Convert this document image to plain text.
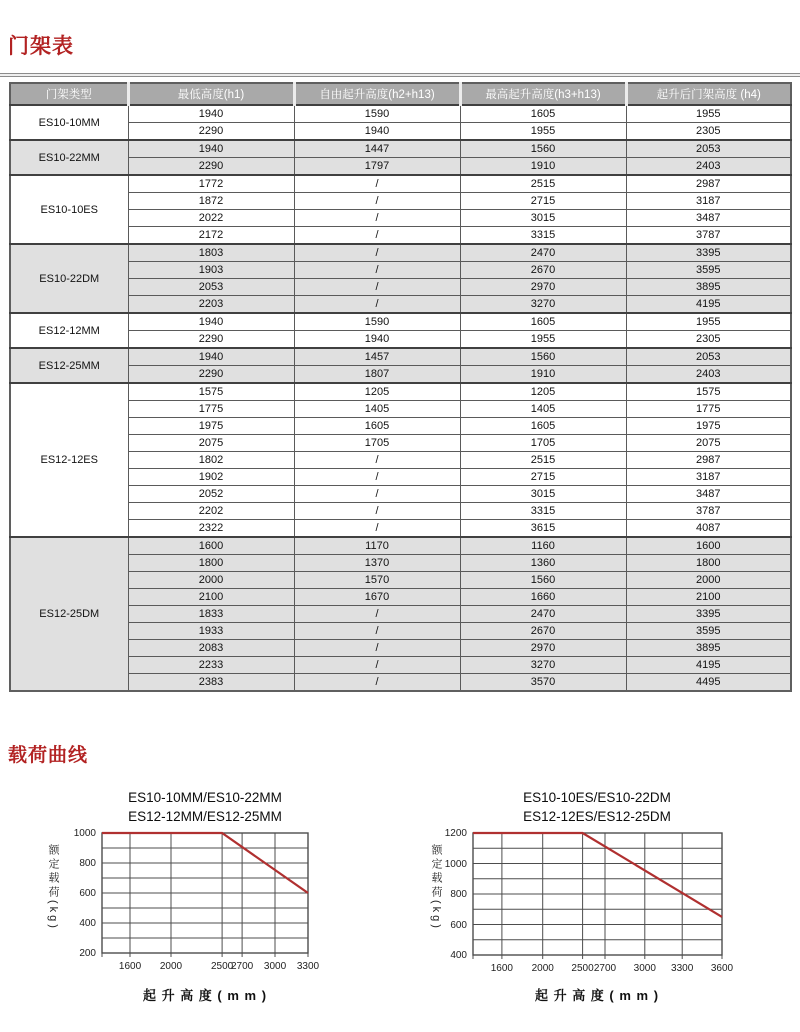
门架表
门架类型	最低高度(h1)	自由起升高度(h2+h13)	最高起升高度(h3+h13)	起升后门架高度 (h4)
ES10-10MM	1940	1590	1605	1955
	2290	1940	1955	2305
ES10-22MM	1940	1447	1560	2053
	2290	1797	1910	2403
ES10-10ES	1772	/	2515	2987
	1872	/	2715	3187
	2022	/	3015	3487
	2172	/	3315	3787
ES10-22DM	1803	/	2470	3395
	1903	/	2670	3595
	2053	/	2970	3895
	2203	/	3270	4195
ES12-12MM	1940	1590	1605	1955
	2290	1940	1955	2305
ES12-25MM	1940	1457	1560	2053
	2290	1807	1910	2403
ES12-12ES	1575	1205	1205	1575
	1775	1405	1405	1775
	1975	1605	1605	1975
	2075	1705	1705	2075
	1802	/	2515	2987
	1902	/	2715	3187
	2052	/	3015	3487
	2202	/	3315	3787
	2322	/	3615	4087
ES12-25DM	1600	1170	1160	1600
	1800	1370	1360	1800
	2000	1570	1560	2000
	2100	1670	1660	2100
	1833	/	2470	3395
	1933	/	2670	3595
	2083	/	2970	3895
	2233	/	3270	4195
	2383	/	3570	4495
载荷曲线
ES10-10MM/ES10-22MM
ES12-12MM/ES12-25MM
额定载荷(kg)
起 升 高 度 ( m m )
1000
800
600
400
200
1600	2000	2500
2700	3000	3300
ES10-10ES/ES10-22DM
ES12-12ES/ES12-25DM
额定载荷(kg)
起 升 高 度 ( m m )
1200
1000
800
600
400
1600	2000	2500 2700	3000	3300	3600
